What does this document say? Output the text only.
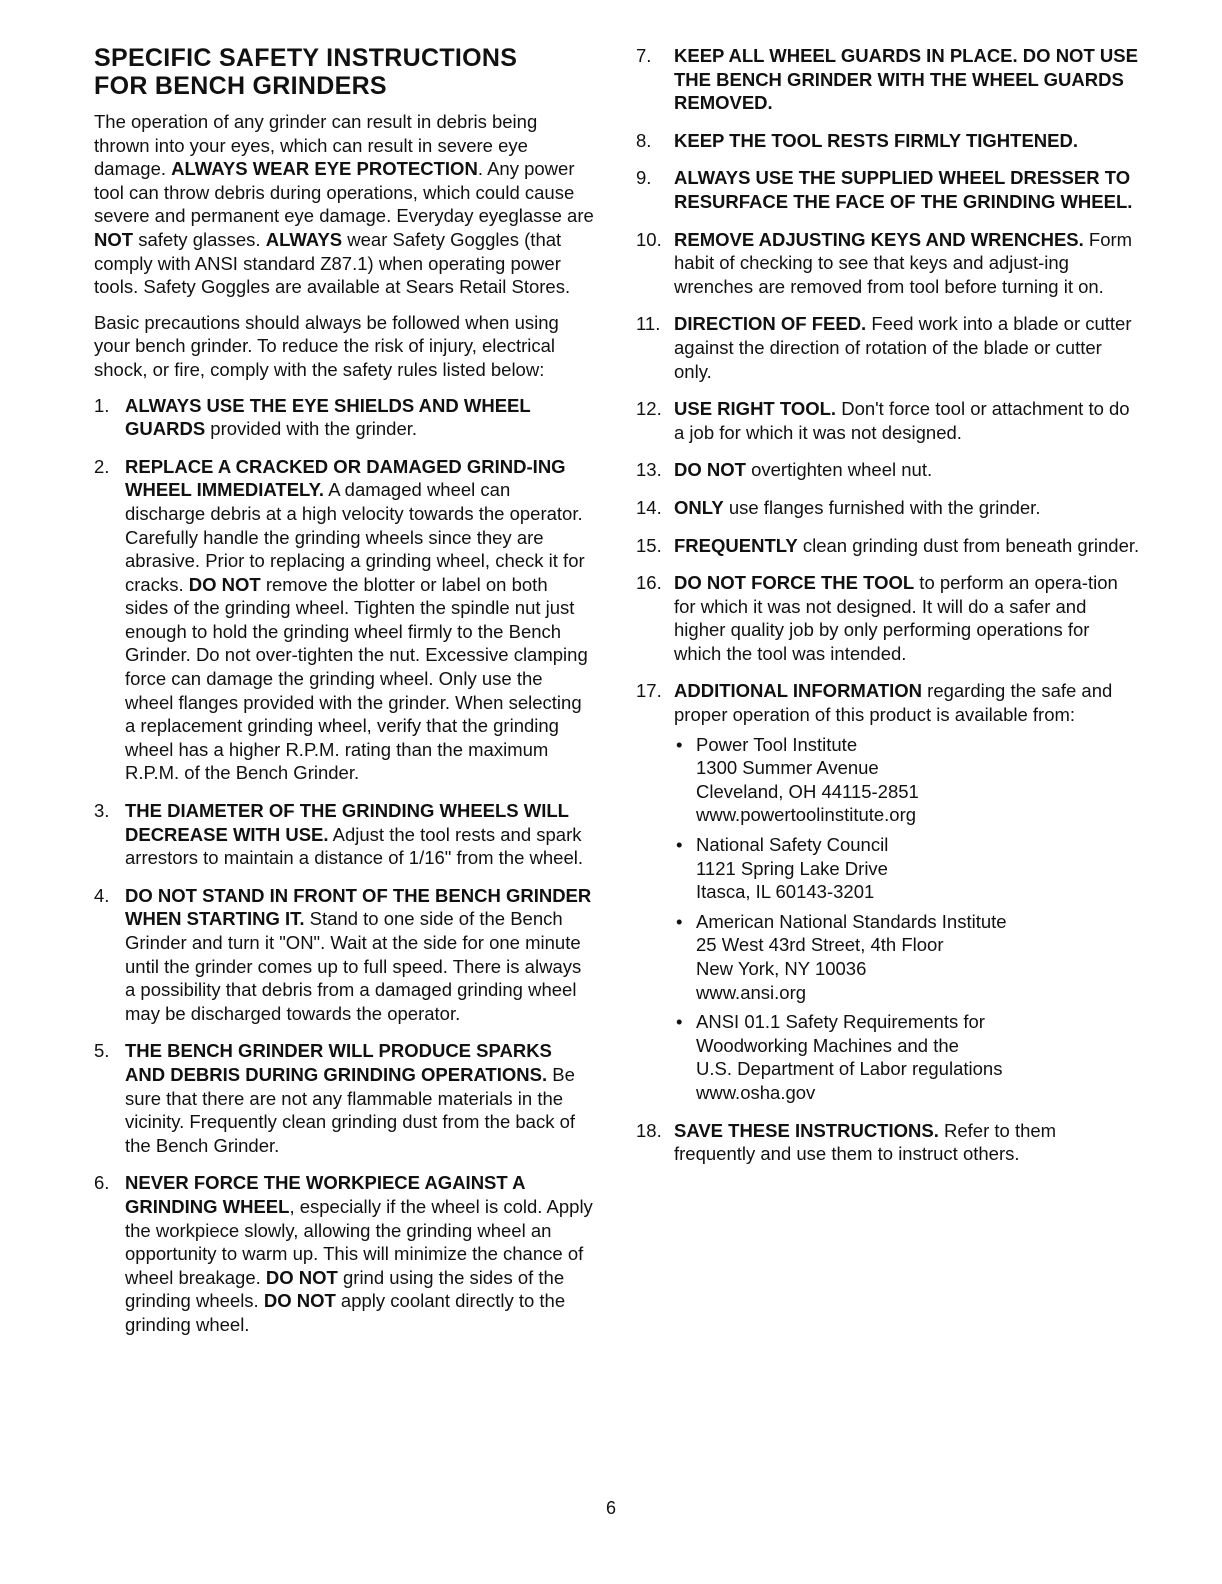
SPECIFIC SAFETY INSTRUCTIONS
FOR BENCH GRINDERS

The operation of any grinder can result in debris being thrown into your eyes, which can result in severe eye damage. ALWAYS WEAR EYE PROTECTION. Any power tool can throw debris during operations, which could cause severe and permanent eye damage. Everyday eyeglasse are NOT safety glasses. ALWAYS wear Safety Goggles (that comply with ANSI standard Z87.1) when operating power tools. Safety Goggles are available at Sears Retail Stores.

Basic precautions should always be followed when using your bench grinder. To reduce the risk of injury, electrical shock, or fire, comply with the safety rules listed below:

1. ALWAYS USE THE EYE SHIELDS AND WHEEL GUARDS provided with the grinder.
2. REPLACE A CRACKED OR DAMAGED GRIND-ING WHEEL IMMEDIATELY. A damaged wheel can discharge debris at a high velocity towards the operator. Carefully handle the grinding wheels since they are abrasive. Prior to replacing a grinding wheel, check it for cracks. DO NOT remove the blotter or label on both sides of the grinding wheel. Tighten the spindle nut just enough to hold the grinding wheel firmly to the Bench Grinder. Do not over-tighten the nut. Excessive clamping force can damage the grinding wheel. Only use the wheel flanges provided with the grinder. When selecting a replacement grinding wheel, verify that the grinding wheel has a higher R.P.M. rating than the maximum R.P.M. of the Bench Grinder.
3. THE DIAMETER OF THE GRINDING WHEELS WILL DECREASE WITH USE. Adjust the tool rests and spark arrestors to maintain a distance of 1/16" from the wheel.
4. DO NOT STAND IN FRONT OF THE BENCH GRINDER WHEN STARTING IT. Stand to one side of the Bench Grinder and turn it "ON". Wait at the side for one minute until the grinder comes up to full speed. There is always a possibility that debris from a damaged grinding wheel may be discharged towards the operator.
5. THE BENCH GRINDER WILL PRODUCE SPARKS AND DEBRIS DURING GRINDING OPERATIONS. Be sure that there are not any flammable materials in the vicinity. Frequently clean grinding dust from the back of the Bench Grinder.
6. NEVER FORCE THE WORKPIECE AGAINST A GRINDING WHEEL, especially if the wheel is cold. Apply the workpiece slowly, allowing the grinding wheel an opportunity to warm up. This will minimize the chance of wheel breakage. DO NOT grind using the sides of the grinding wheels. DO NOT apply coolant directly to the grinding wheel.
7. KEEP ALL WHEEL GUARDS IN PLACE. DO NOT USE THE BENCH GRINDER WITH THE WHEEL GUARDS REMOVED.
8. KEEP THE TOOL RESTS FIRMLY TIGHTENED.
9. ALWAYS USE THE SUPPLIED WHEEL DRESSER TO RESURFACE THE FACE OF THE GRINDING WHEEL.
10. REMOVE ADJUSTING KEYS AND WRENCHES. Form habit of checking to see that keys and adjust-ing wrenches are removed from tool before turning it on.
11. DIRECTION OF FEED. Feed work into a blade or cutter against the direction of rotation of the blade or cutter only.
12. USE RIGHT TOOL. Don't force tool or attachment to do a job for which it was not designed.
13. DO NOT overtighten wheel nut.
14. ONLY use flanges furnished with the grinder.
15. FREQUENTLY clean grinding dust from beneath grinder.
16. DO NOT FORCE THE TOOL to perform an opera-tion for which it was not designed. It will do a safer and higher quality job by only performing operations for which the tool was intended.
17. ADDITIONAL INFORMATION regarding the safe and proper operation of this product is available from:
• Power Tool Institute
1300 Summer Avenue
Cleveland, OH 44115-2851
www.powertoolinstitute.org
• National Safety Council
1121 Spring Lake Drive
Itasca, IL 60143-3201
• American National Standards Institute
25 West 43rd Street, 4th Floor
New York, NY 10036
www.ansi.org
• ANSI 01.1 Safety Requirements for
Woodworking Machines and the
U.S. Department of Labor regulations
www.osha.gov
18. SAVE THESE INSTRUCTIONS. Refer to them frequently and use them to instruct others.
6
